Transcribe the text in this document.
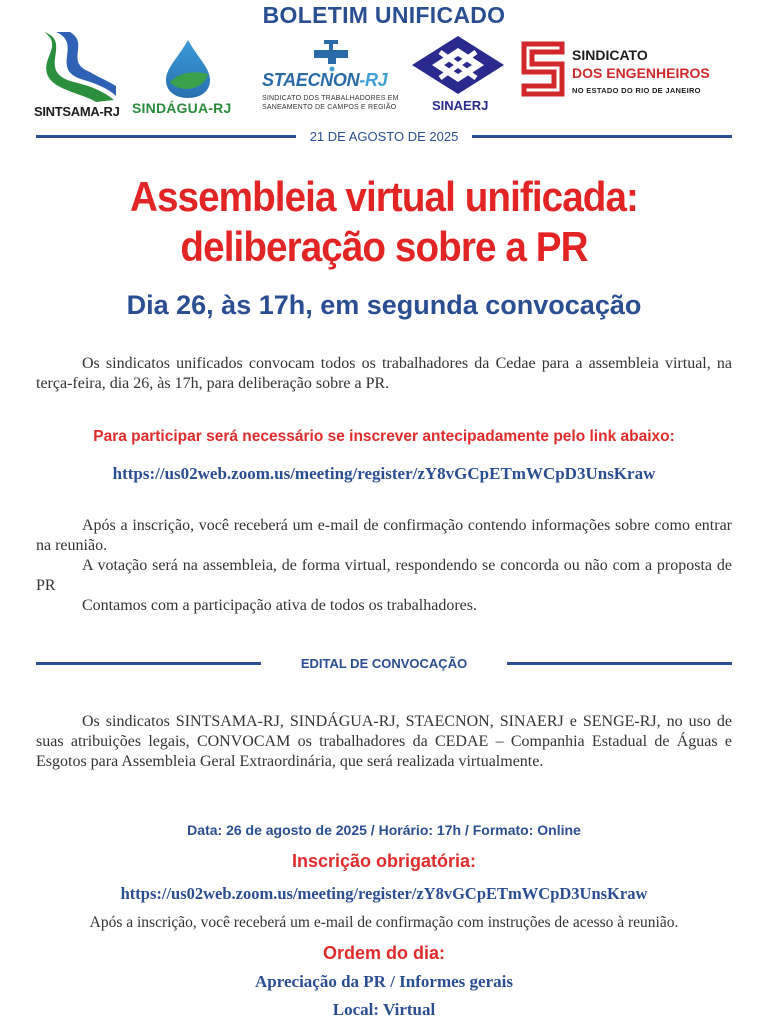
BOLETIM UNIFICADO
SINTSAMA-RJ SINDÁGUA-RJ
STAECNON-RJ
SINDICATO DOS TRABALHADORES EM
SANEAMENTO DE CAMPOS E REGIÃO	SINAERJ
SINDICATO
DOS ENGENHEIROS
NO ESTADO DO RIO DE JANEIRO
21 DE AGOSTO DE 2025
Assembleia virtual unificada:
deliberação sobre a PR
Dia 26, às 17h, em segunda convocação
Os sindicatos unificados convocam todos os trabalhadores da Cedae para a assembleia virtual, na terça-feira, dia 26, às 17h, para deliberação sobre a PR.
Para participar será necessário se inscrever antecipadamente pelo link abaixo:
https://us02web.zoom.us/meeting/register/zY8vGCpETmWCpD3UnsKraw
Após a inscrição, você receberá um e-mail de confirmação contendo informações sobre como entrar na reunião.
A votação será na assembleia, de forma virtual, respondendo se concorda ou não com a proposta de PR
Contamos com a participação ativa de todos os trabalhadores.
EDITAL DE CONVOCAÇÃO
Os sindicatos SINTSAMA-RJ, SINDÁGUA-RJ, STAECNON, SINAERJ e SENGE-RJ, no uso de suas atribuições legais, CONVOCAM os trabalhadores da CEDAE – Companhia Estadual de Águas e Esgotos para Assembleia Geral Extraordinária, que será realizada virtualmente.
Data: 26 de agosto de 2025 / Horário: 17h / Formato: Online
Inscrição obrigatória:
https://us02web.zoom.us/meeting/register/zY8vGCpETmWCpD3UnsKraw
Após a inscrição, você receberá um e-mail de confirmação com instruções de acesso à reunião.
Ordem do dia:
Apreciação da PR / Informes gerais
Local: Virtual
